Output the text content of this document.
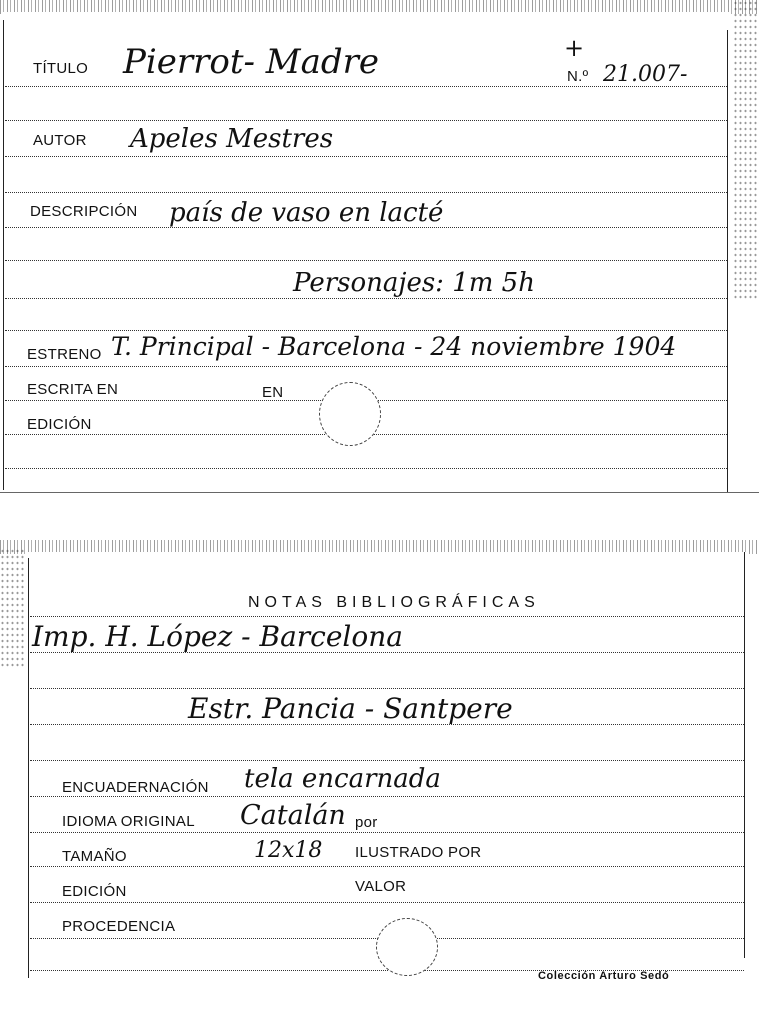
TÍTULO Pierrot- Madre	+
N.º 21.007-
AUTOR Apeles Mestres
DESCRIPCIÓN país de vaso en lacté
Personajes: 1m 5h
ESTRENO T. Principal - Barcelona - 24 noviembre 1904
ESCRITA EN	EN
EDICIÓN
NOTAS BIBLIOGRÁFICAS
Imp. H. López - Barcelona
Estr. Pancia - Santpere
ENCUADERNACIÓN tela encarnada
IDIOMA ORIGINAL Catalán por
TAMAÑO	12x18 ILUSTRADO POR
EDICIÓN	VALOR
PROCEDENCIA
Colección Arturo Sedó
